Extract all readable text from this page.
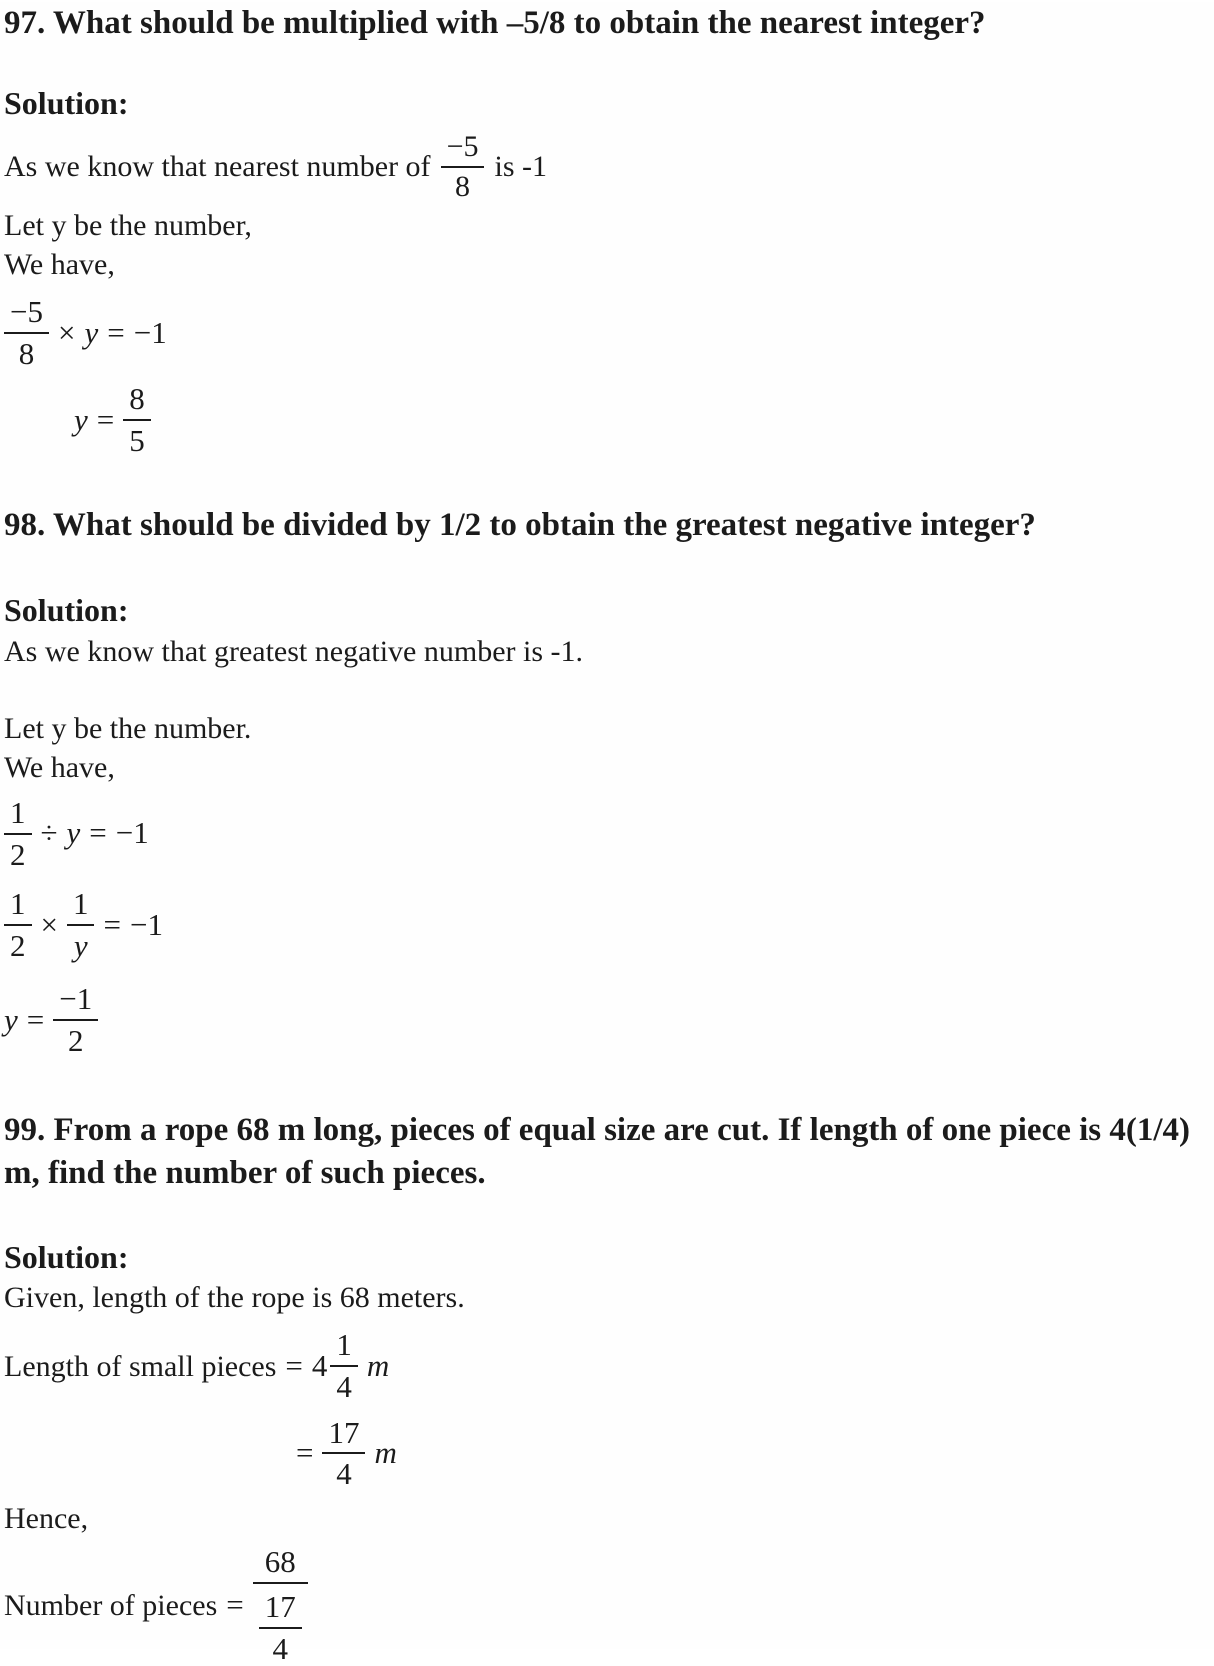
97. What should be multiplied with –5/8 to obtain the nearest integer?
Solution:
As we know that nearest number of $\frac{-5}{8}$ is -1
Let y be the number,
We have,
$\frac{-5}{8} \times y = -1$
$y = \frac{8}{5}$
98. What should be divided by 1/2 to obtain the greatest negative integer?
Solution:
As we know that greatest negative number is -1.
Let y be the number.
We have,
$\frac{1}{2} \div y = -1$
$\frac{1}{2} \times \frac{1}{y} = -1$
$y = \frac{-1}{2}$
99. From a rope 68 m long, pieces of equal size are cut. If length of one piece is 4(1/4) m, find the number of such pieces.
Solution:
Given, length of the rope is 68 meters.
Length of small pieces = $4 \frac{1}{4}$ m
= $\frac{17}{4}$ m
Hence,
Number of pieces = $\frac{68}{\frac{17}{4}}$
